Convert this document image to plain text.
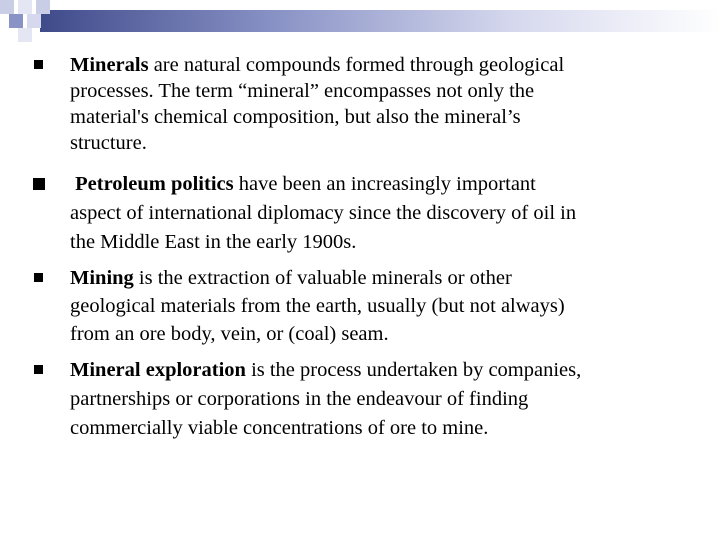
Minerals are natural compounds formed through geological
processes. The term “mineral” encompasses not only the
material's chemical composition, but also the mineral’s
structure.
Petroleum politics have been an increasingly important
aspect of international diplomacy since the discovery of oil in
the Middle East in the early 1900s.
Mining is the extraction of valuable minerals or other
geological materials from the earth, usually (but not always)
from an ore body, vein, or (coal) seam.
Mineral exploration is the process undertaken by companies,
partnerships or corporations in the endeavour of finding
commercially viable concentrations of ore to mine.
